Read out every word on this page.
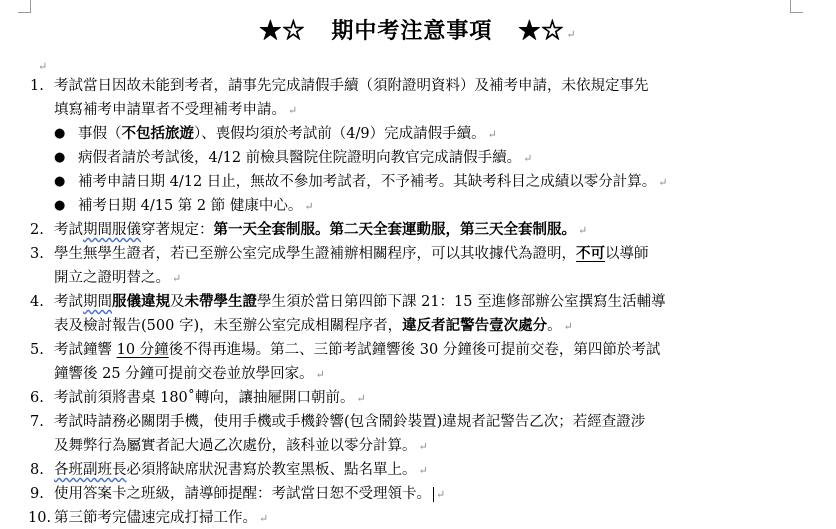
★☆ 期中考注意事項 ★☆ ↵
↵
1. 考試當日因故未能到考者，請事先完成請假手續（須附證明資料）及補考申請，未依規定事先
填寫補考申請單者不受理補考申請。 ↵
● 事假（不包括旅遊）、喪假均須於考試前（4/9）完成請假手續。 ↵
● 病假者請於考試後，4/12 前檢具醫院住院證明向教官完成請假手續。 ↵
● 補考申請日期 4/12 日止，無故不參加考試者，不予補考。其缺考科目之成績以零分計算。 ↵
● 補考日期 4/15 第 2 節 健康中心。 ↵
2. 考試期間服儀穿著規定：第一天全套制服。第二天全套運動服，第三天全套制服。 ↵
3. 學生無學生證者，若已至辦公室完成學生證補辦相關程序，可以其收據代為證明，不可以導師
開立之證明替之。 ↵
4. 考試期間服儀違規及未帶學生證學生須於當日第四節下課 21：15 至進修部辦公室撰寫生活輔導
表及檢討報告(500 字)，未至辦公室完成相關程序者，違反者記警告壹次處分。 ↵
5. 考試鐘響 10 分鐘後不得再進場。第二、三節考試鐘響後 30 分鐘後可提前交卷，第四節於考試
鐘響後 25 分鐘可提前交卷並放學回家。 ↵
6. 考試前須將書桌 180˚轉向，讓抽屜開口朝前。 ↵
7. 考試時請務必關閉手機，使用手機或手機鈴響(包含鬧鈴裝置)違規者記警告乙次；若經查證涉
及舞弊行為屬實者記大過乙次處份，該科並以零分計算。 ↵
8. 各班副班長必須將缺席狀況書寫於教室黑板、點名單上。 ↵
9. 使用答案卡之班級，請導師提醒：考試當日恕不受理領卡。 ↵
10. 第三節考完儘速完成打掃工作。 ↵
